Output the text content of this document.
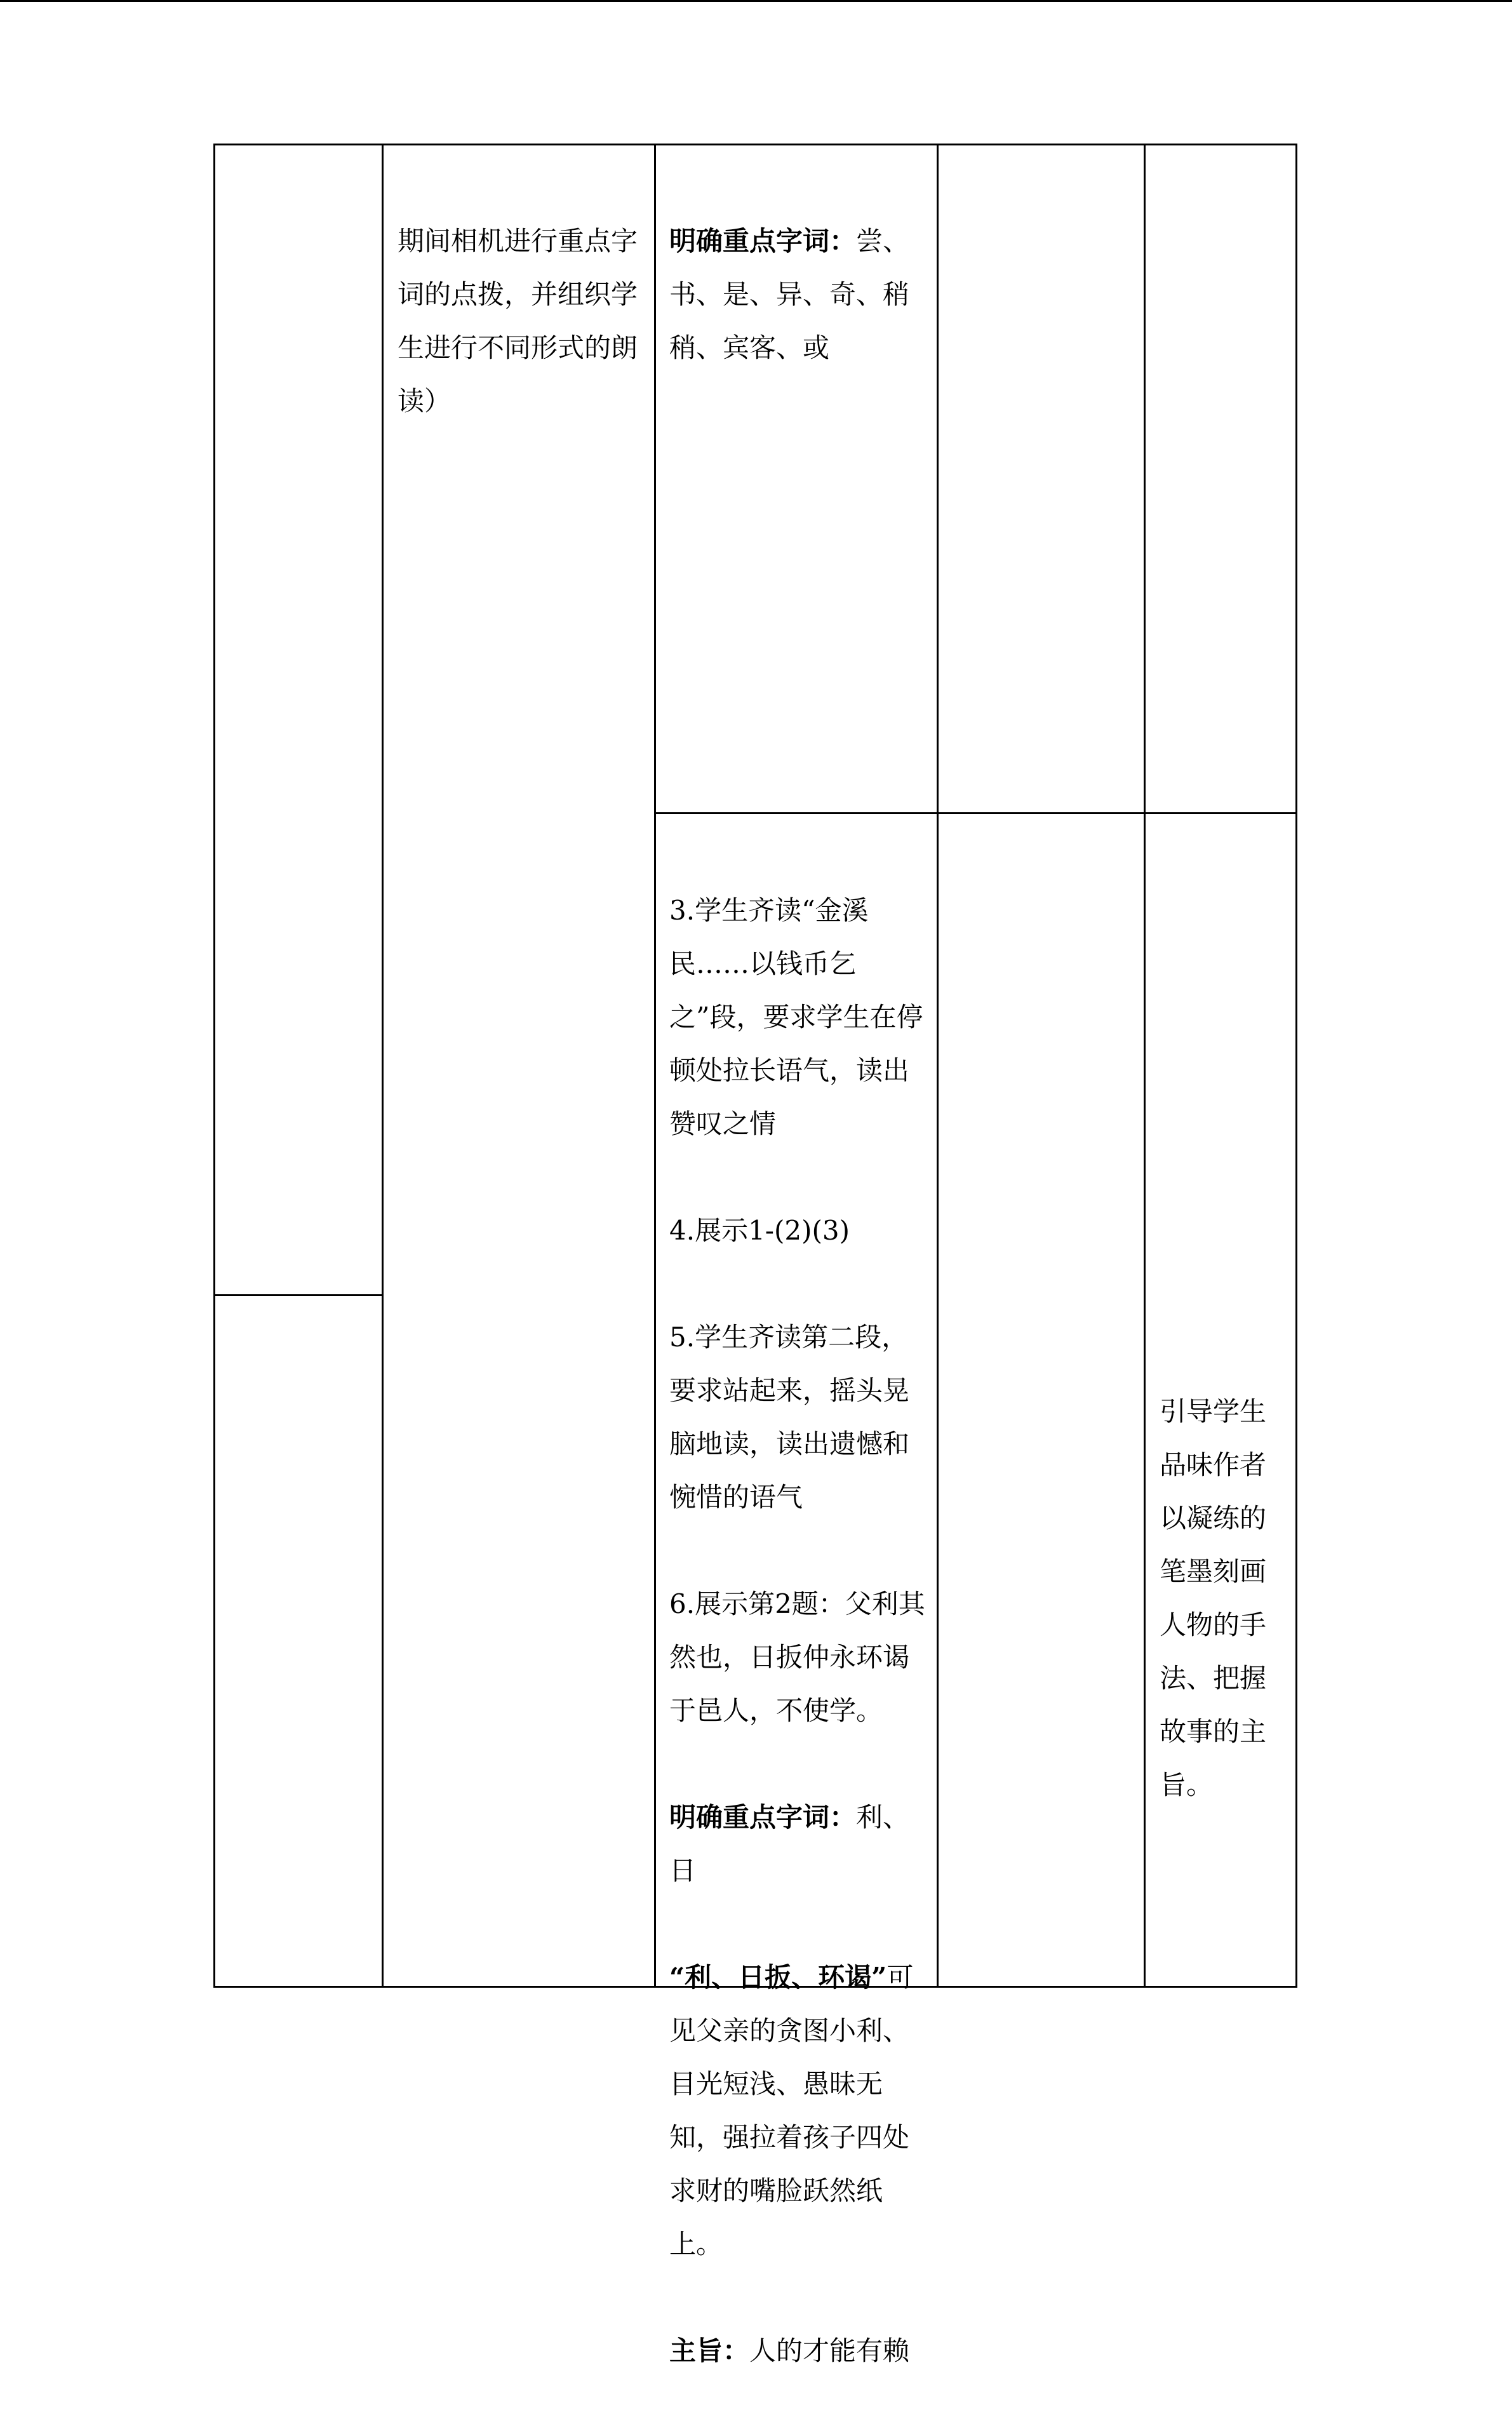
期间相机进行重点字词的点拨，并组织学生进行不同形式的朗读）

明确重点字词：尝、书、是、异、奇、稍稍、宾客、或

3.学生齐读“金溪民……以钱币乞之”段，要求学生在停顿处拉长语气，读出赞叹之情

4.展示1-(2)(3)

5.学生齐读第二段，要求站起来，摇头晃脑地读，读出遗憾和惋惜的语气

6.展示第2题：父利其然也，日扳仲永环谒于邑人，不使学。

明确重点字词：利、日

“利、日扳、环谒”可见父亲的贪图小利、目光短浅、愚昧无知，强拉着孩子四处求财的嘴脸跃然纸上。

主旨：人的才能有赖

引导学生品味作者以凝练的笔墨刻画人物的手法、把握故事的主旨。
